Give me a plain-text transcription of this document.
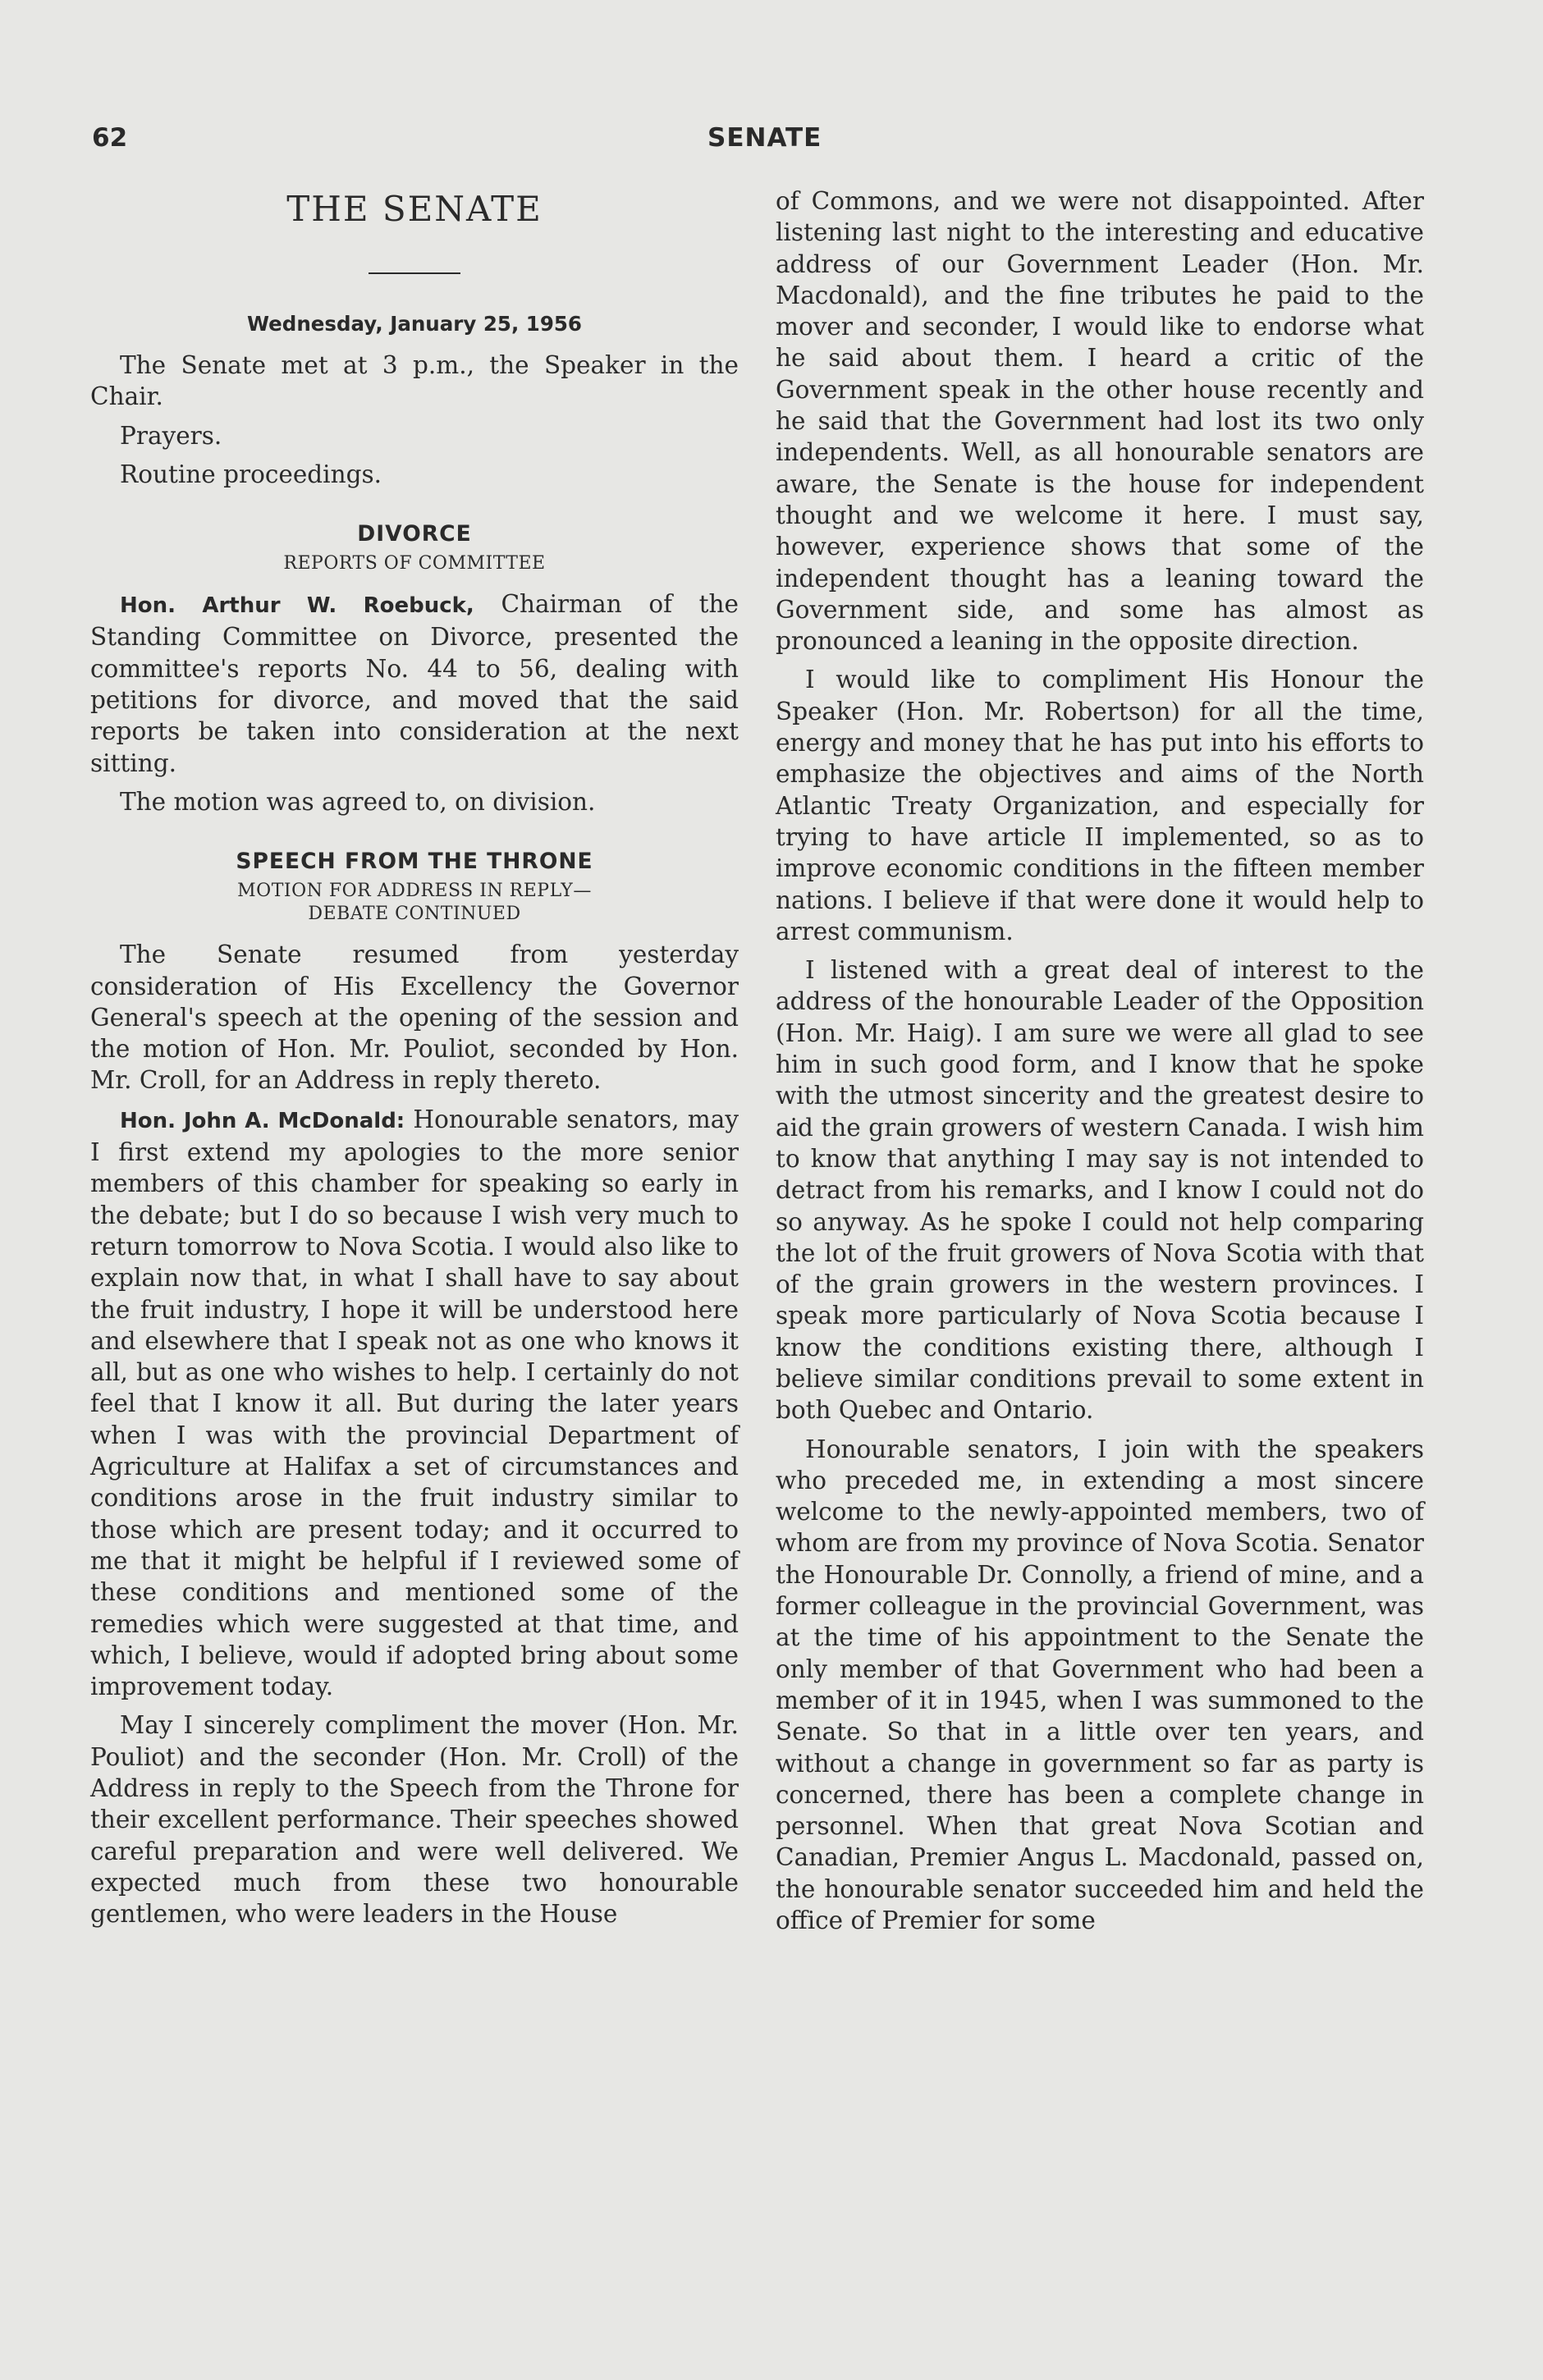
62	SENATE
THE SENATE
Wednesday, January 25, 1956

The Senate met at 3 p.m., the Speaker in the Chair.

Prayers.

Routine proceedings.

DIVORCE
REPORTS OF COMMITTEE

Hon. Arthur W. Roebuck, Chairman of the Standing Committee on Divorce, presented the committee's reports No. 44 to 56, dealing with petitions for divorce, and moved that the said reports be taken into consideration at the next sitting.

The motion was agreed to, on division.

SPEECH FROM THE THRONE
MOTION FOR ADDRESS IN REPLY—
DEBATE CONTINUED

The Senate resumed from yesterday consideration of His Excellency the Governor General's speech at the opening of the session and the motion of Hon. Mr. Pouliot, seconded by Hon. Mr. Croll, for an Address in reply thereto.

Hon. John A. McDonald: Honourable senators, may I first extend my apologies to the more senior members of this chamber for speaking so early in the debate; but I do so because I wish very much to return tomorrow to Nova Scotia. I would also like to explain now that, in what I shall have to say about the fruit industry, I hope it will be understood here and elsewhere that I speak not as one who knows it all, but as one who wishes to help. I certainly do not feel that I know it all. But during the later years when I was with the provincial Department of Agriculture at Halifax a set of circumstances and conditions arose in the fruit industry similar to those which are present today; and it occurred to me that it might be helpful if I reviewed some of these conditions and mentioned some of the remedies which were suggested at that time, and which, I believe, would if adopted bring about some improvement today.

May I sincerely compliment the mover (Hon. Mr. Pouliot) and the seconder (Hon. Mr. Croll) of the Address in reply to the Speech from the Throne for their excellent performance. Their speeches showed careful preparation and were well delivered. We expected much from these two honourable gentlemen, who were leaders in the House

of Commons, and we were not disappointed. After listening last night to the interesting and educative address of our Government Leader (Hon. Mr. Macdonald), and the fine tributes he paid to the mover and seconder, I would like to endorse what he said about them. I heard a critic of the Government speak in the other house recently and he said that the Government had lost its two only independents. Well, as all honourable senators are aware, the Senate is the house for independent thought and we welcome it here. I must say, however, experience shows that some of the independent thought has a leaning toward the Government side, and some has almost as pronounced a leaning in the opposite direction.

I would like to compliment His Honour the Speaker (Hon. Mr. Robertson) for all the time, energy and money that he has put into his efforts to emphasize the objectives and aims of the North Atlantic Treaty Organization, and especially for trying to have article II implemented, so as to improve economic conditions in the fifteen member nations. I believe if that were done it would help to arrest communism.

I listened with a great deal of interest to the address of the honourable Leader of the Opposition (Hon. Mr. Haig). I am sure we were all glad to see him in such good form, and I know that he spoke with the utmost sincerity and the greatest desire to aid the grain growers of western Canada. I wish him to know that anything I may say is not intended to detract from his remarks, and I know I could not do so anyway. As he spoke I could not help comparing the lot of the fruit growers of Nova Scotia with that of the grain growers in the western provinces. I speak more particularly of Nova Scotia because I know the conditions existing there, although I believe similar conditions prevail to some extent in both Quebec and Ontario.

Honourable senators, I join with the speakers who preceded me, in extending a most sincere welcome to the newly-appointed members, two of whom are from my province of Nova Scotia. Senator the Honourable Dr. Connolly, a friend of mine, and a former colleague in the provincial Government, was at the time of his appointment to the Senate the only member of that Government who had been a member of it in 1945, when I was summoned to the Senate. So that in a little over ten years, and without a change in government so far as party is concerned, there has been a complete change in personnel. When that great Nova Scotian and Canadian, Premier Angus L. Macdonald, passed on, the honourable senator succeeded him and held the office of Premier for some
